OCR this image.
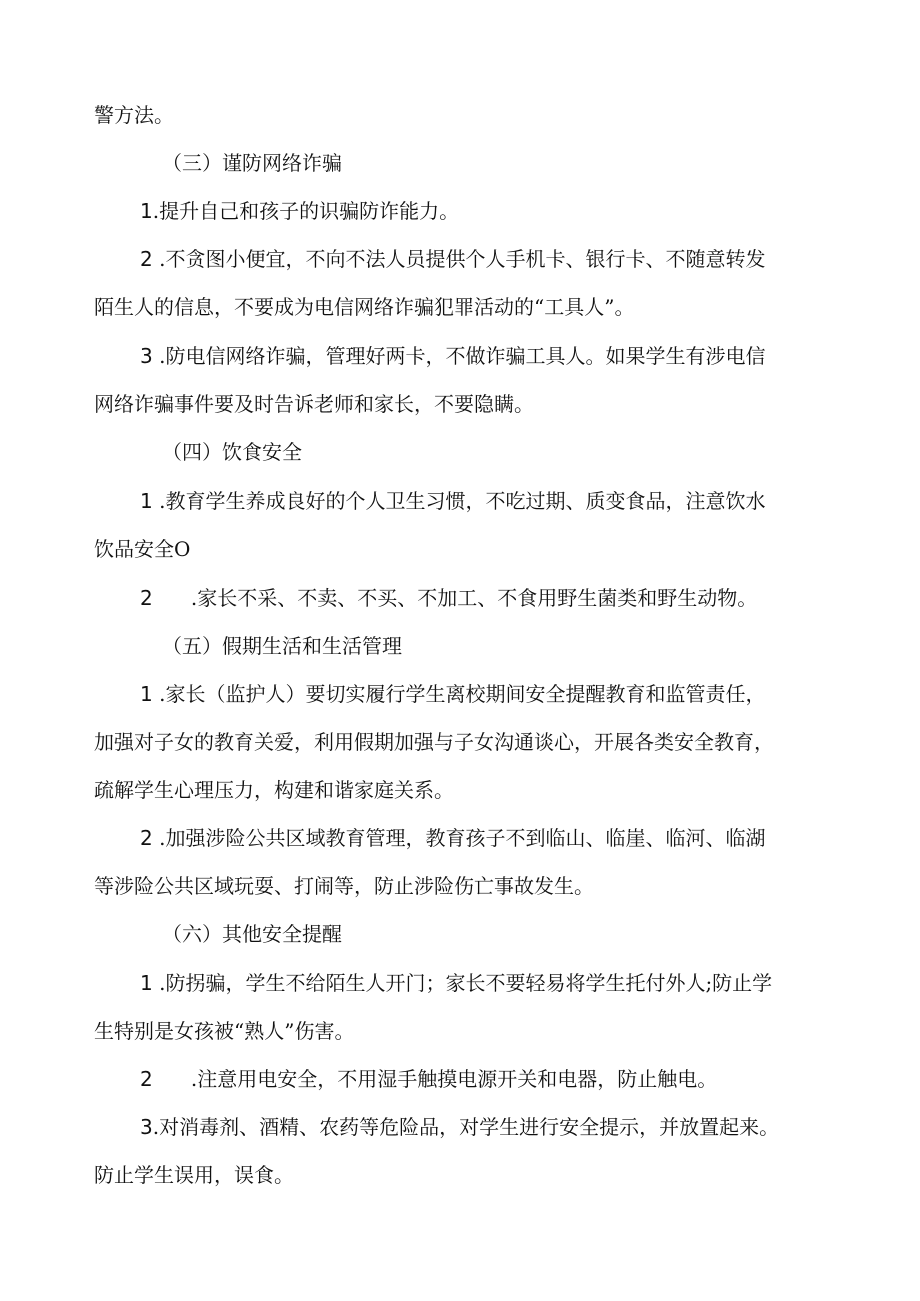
警方法。
（三）谨防网络诈骗
1.提升自己和孩子的识骗防诈能力。
2 .不贪图小便宜，不向不法人员提供个人手机卡、银行卡、不随意转发
陌生人的信息，不要成为电信网络诈骗犯罪活动的“工具人”。
3 .防电信网络诈骗，管理好两卡，不做诈骗工具人。如果学生有涉电信
网络诈骗事件要及时告诉老师和家长，不要隐瞒。
（四）饮食安全
1 .教育学生养成良好的个人卫生习惯，不吃过期、质变食品，注意饮水
饮品安全O
2      .家长不采、不卖、不买、不加工、不食用野生菌类和野生动物。
（五）假期生活和生活管理
1 .家长（监护人）要切实履行学生离校期间安全提醒教育和监管责任，
加强对子女的教育关爱，利用假期加强与子女沟通谈心，开展各类安全教育，
疏解学生心理压力，构建和谐家庭关系。
2 .加强涉险公共区域教育管理，教育孩子不到临山、临崖、临河、临湖
等涉险公共区域玩耍、打闹等，防止涉险伤亡事故发生。
（六）其他安全提醒
1 .防拐骗，学生不给陌生人开门；家长不要轻易将学生托付外人;防止学
生特别是女孩被“熟人”伤害。
2      .注意用电安全，不用湿手触摸电源开关和电器，防止触电。
3.对消毒剂、酒精、农药等危险品，对学生进行安全提示，并放置起来。
防止学生误用，误食。
